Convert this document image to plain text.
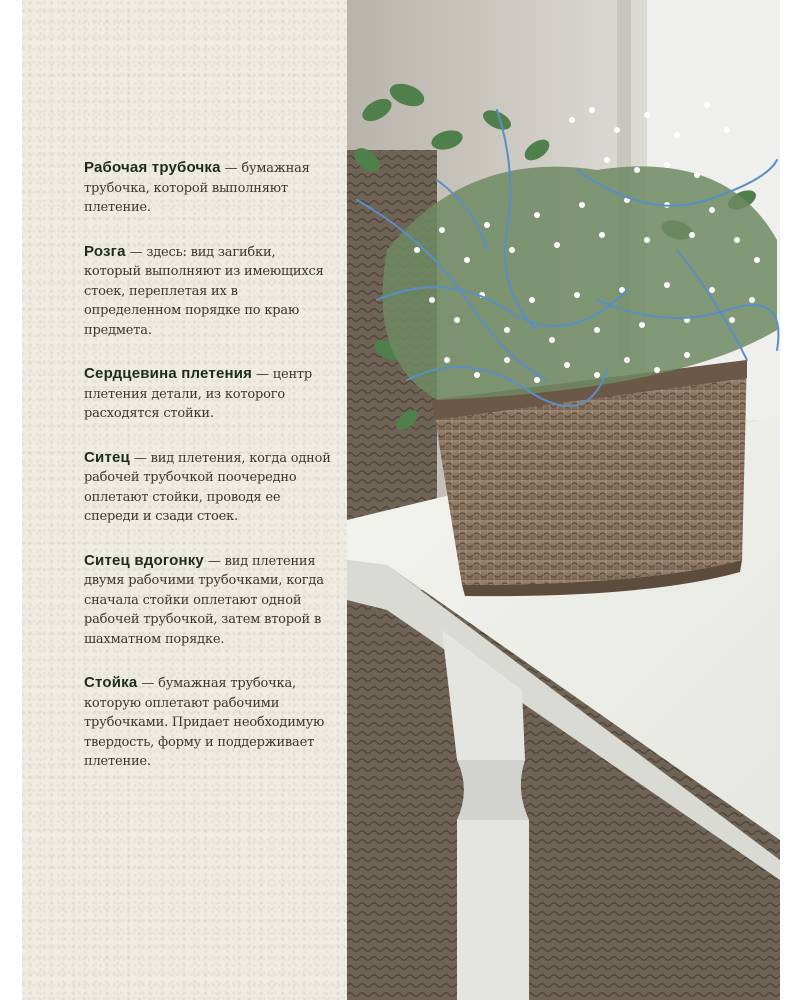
Рабочая трубочка — бумажная трубочка, которой выполняют плетение.

Розга — здесь: вид загибки, который выполняют из имеющихся стоек, переплетая их в определенном порядке по краю предмета.

Сердцевина плетения — центр плетения детали, из которого расходятся стойки.

Ситец — вид плетения, когда одной рабочей трубочкой поочередно оплетают стойки, проводя ее спереди и сзади стоек.

Ситец вдогонку — вид плетения двумя рабочими трубочками, когда сначала стойки оплетают одной рабочей трубочкой, затем второй в шахматном порядке.

Стойка — бумажная трубочка, которую оплетают рабочими трубочками. Придает необходимую твердость, форму и поддерживает плетение.
